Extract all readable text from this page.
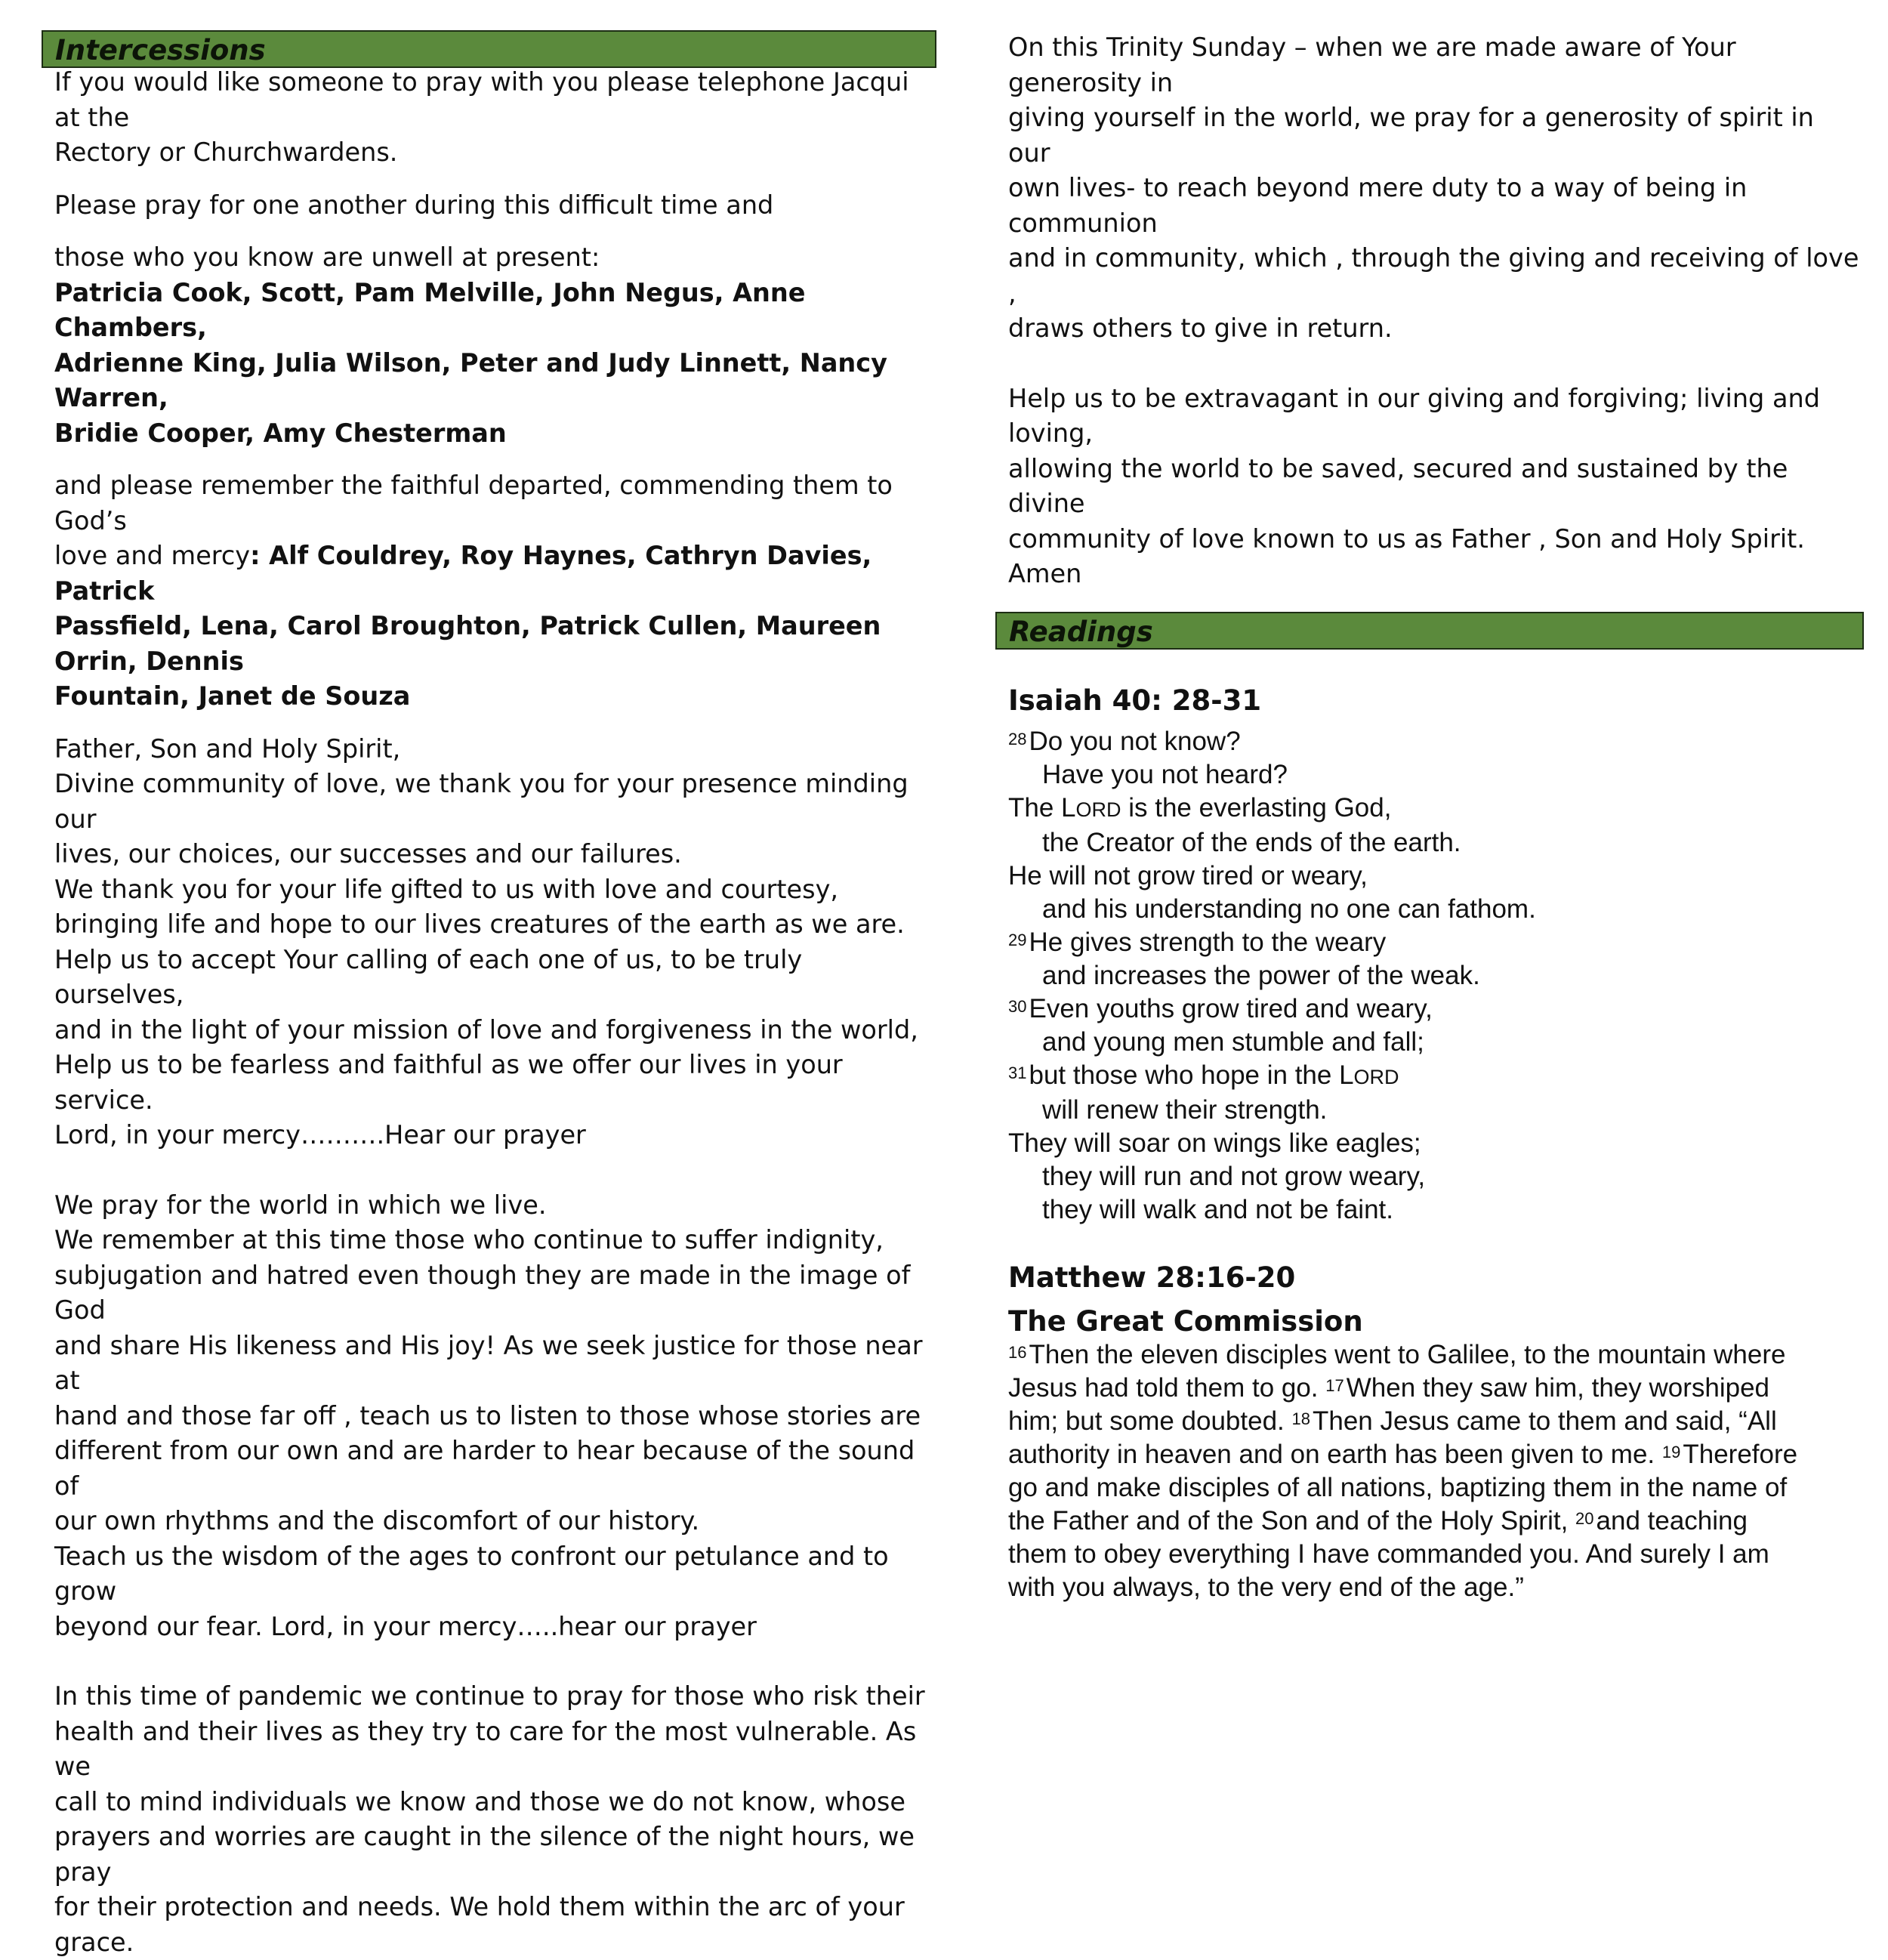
Intercessions

If you would like someone to pray with you please telephone Jacqui at the
Rectory or Churchwardens.

Please pray for one another during this difficult time and

those who you know are unwell at present:
Patricia Cook, Scott, Pam Melville, John Negus, Anne Chambers,
Adrienne King, Julia Wilson, Peter and Judy Linnett, Nancy Warren,
Bridie Cooper, Amy Chesterman

and please remember the faithful departed, commending them to God’s
love and mercy: Alf Couldrey, Roy Haynes, Cathryn Davies, Patrick
Passfield, Lena, Carol Broughton, Patrick Cullen, Maureen Orrin, Dennis
Fountain, Janet de Souza

Father, Son and Holy Spirit,
Divine community of love, we thank you for your presence minding our
lives, our choices, our successes and our failures.
We thank you for your life gifted to us with love and courtesy,
bringing life and hope to our lives creatures of the earth as we are.
Help us to accept Your calling of each one of us, to be truly ourselves,
and in the light of your mission of love and forgiveness in the world,
Help us to be fearless and faithful as we offer our lives in your service.
Lord, in your mercy……….Hear our prayer

We pray for the world in which we live.
We remember at this time those who continue to suffer indignity,
subjugation and hatred even though they are made in the image of God
and share His likeness and His joy! As we seek justice for those near at
hand and those far off , teach us to listen to those whose stories are
different from our own and are harder to hear because of the sound of
our own rhythms and the discomfort of our history.
Teach us the wisdom of the ages to confront our petulance and to grow
beyond our fear. Lord, in your mercy…..hear our prayer

In this time of pandemic we continue to pray for those who risk their
health and their lives as they try to care for the most vulnerable. As we
call to mind individuals we know and those we do not know, whose
prayers and worries are caught in the silence of the night hours, we pray
for their protection and needs. We hold them within the arc of your grace.

On this Trinity Sunday – when we are made aware of Your generosity in
giving yourself in the world, we pray for a generosity of spirit in our
own lives- to reach beyond mere duty to a way of being in communion
and in community, which , through the giving and receiving of love ,
draws others to give in return.

Help us to be extravagant in our giving and forgiving; living and loving,
allowing the world to be saved, secured and sustained by the divine
community of love known to us as Father , Son and Holy Spirit. Amen

Readings
Isaiah 40: 28-31
$^{28}$Do you not know?
Have you not heard?
The LORD is the everlasting God,
the Creator of the ends of the earth.
He will not grow tired or weary,
and his understanding no one can fathom.
$^{29}$He gives strength to the weary
and increases the power of the weak.
$^{30}$Even youths grow tired and weary,
and young men stumble and fall;
$^{31}$but those who hope in the LORD
will renew their strength.
They will soar on wings like eagles;
they will run and not grow weary,
they will walk and not be faint.
Matthew 28:16-20
The Great Commission
$^{16}$Then the eleven disciples went to Galilee, to the mountain where
Jesus had told them to go. $^{17}$When they saw him, they worshiped
him; but some doubted. $^{18}$Then Jesus came to them and said, “All
authority in heaven and on earth has been given to me. $^{19}$Therefore
go and make disciples of all nations, baptizing them in the name of
the Father and of the Son and of the Holy Spirit, $^{20}$and teaching
them to obey everything I have commanded you. And surely I am
with you always, to the very end of the age.”
